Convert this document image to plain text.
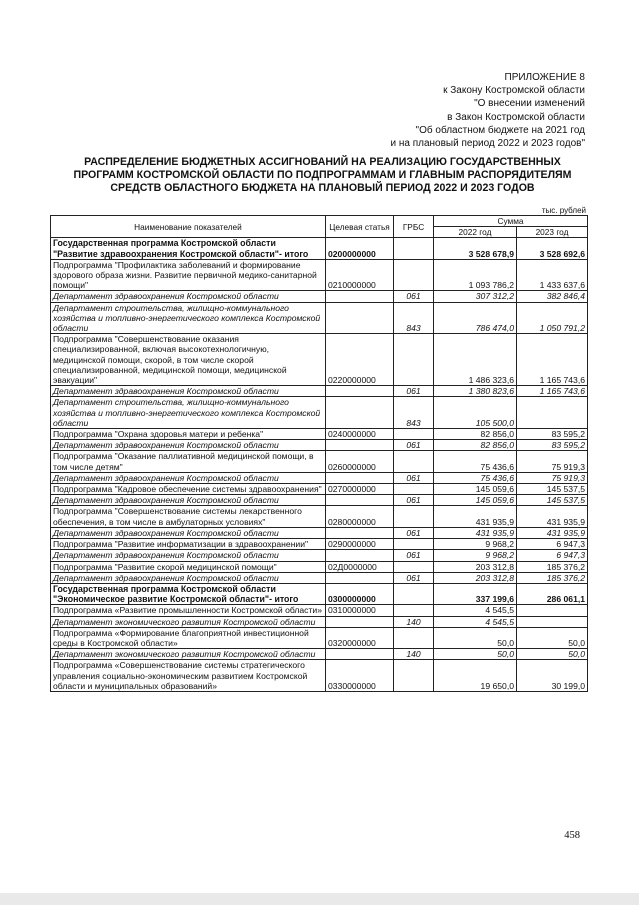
ПРИЛОЖЕНИЕ 8
к Закону Костромской области
"О внесении изменений
в Закон Костромской области
"Об областном бюджете на 2021 год
и на плановый период 2022 и 2023 годов"
РАСПРЕДЕЛЕНИЕ БЮДЖЕТНЫХ АССИГНОВАНИЙ НА РЕАЛИЗАЦИЮ ГОСУДАРСТВЕННЫХ
ПРОГРАММ КОСТРОМСКОЙ ОБЛАСТИ ПО ПОДПРОГРАММАМ И ГЛАВНЫМ РАСПОРЯДИТЕЛЯМ
СРЕДСТВ ОБЛАСТНОГО БЮДЖЕТА НА ПЛАНОВЫЙ ПЕРИОД 2022 И 2023 ГОДОВ
тыс. рублей
Наименование показателей	Целевая статья	ГРБС	Сумма	
			2022 год	2023 год
Государственная программа Костромской области "Развитие здравоохранения Костромской области"- итого	0200000000		3 528 678,9	3 528 692,6
Подпрограмма "Профилактика заболеваний и формирование здорового образа жизни. Развитие первичной медико-санитарной помощи"	0210000000		1 093 786,2	1 433 637,6
Департамент здравоохранения Костромской области		061	307 312,2	382 846,4
Департамент строительства, жилищно-коммунального хозяйства и топливно-энергетического комплекса Костромской области		843	786 474,0	1 050 791,2
Подпрограмма "Совершенствование оказания специализированной, включая высокотехнологичную, медицинской помощи, скорой, в том числе скорой специализированной, медицинской помощи, медицинской эвакуации"	0220000000		1 486 323,6	1 165 743,6
Департамент здравоохранения Костромской области		061	1 380 823,6	1 165 743,6
Департамент строительства, жилищно-коммунального хозяйства и топливно-энергетического комплекса Костромской области		843	105 500,0	
Подпрограмма "Охрана здоровья матери и ребенка"	0240000000		82 856,0	83 595,2
Департамент здравоохранения Костромской области		061	82 856,0	83 595,2
Подпрограмма "Оказание паллиативной медицинской помощи, в том числе детям"	0260000000		75 436,6	75 919,3
Департамент здравоохранения Костромской области		061	75 436,6	75 919,3
Подпрограмма "Кадровое обеспечение системы здравоохранения"	0270000000		145 059,6	145 537,5
Департамент здравоохранения Костромской области		061	145 059,6	145 537,5
Подпрограмма "Совершенствование системы лекарственного обеспечения, в том числе в амбулаторных условиях"	0280000000		431 935,9	431 935,9
Департамент здравоохранения Костромской области		061	431 935,9	431 935,9
Подпрограмма "Развитие информатизации в здравоохранении"	0290000000		9 968,2	6 947,3
Департамент здравоохранения Костромской области		061	9 968,2	6 947,3
Подпрограмма "Развитие скорой медицинской помощи"	02Д0000000		203 312,8	185 376,2
Департамент здравоохранения Костромской области		061	203 312,8	185 376,2
Государственная программа Костромской области "Экономическое развитие Костромской области"- итого	0300000000		337 199,6	286 061,1
Подпрограмма «Развитие промышленности Костромской области»	0310000000		4 545,5	
Департамент экономического развития Костромской области		140	4 545,5	
Подпрограмма «Формирование благоприятной инвестиционной среды в Костромской области»	0320000000		50,0	50,0
Департамент экономического развития Костромской области		140	50,0	50,0
Подпрограмма «Совершенствование системы стратегического управления социально-экономическим развитием Костромской области и муниципальных образований»	0330000000		19 650,0	30 199,0
458
